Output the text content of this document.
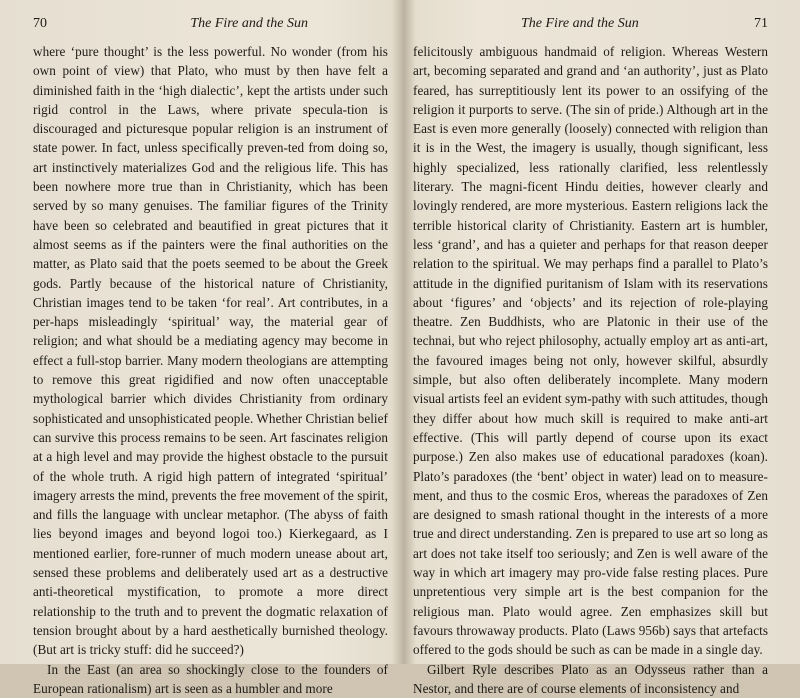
70	The Fire and the Sun

where ‘pure thought’ is the less powerful. No wonder (from his own point of view) that Plato, who must by then have felt a diminished faith in the ‘high dialectic’, kept the artists under such rigid control in the Laws, where private specula-tion is discouraged and picturesque popular religion is an instrument of state power. In fact, unless specifically preven-ted from doing so, art instinctively materializes God and the religious life. This has been nowhere more true than in Christianity, which has been served by so many genuises. The familiar figures of the Trinity have been so celebrated and beautified in great pictures that it almost seems as if the painters were the final authorities on the matter, as Plato said that the poets seemed to be about the Greek gods. Partly because of the historical nature of Christianity, Christian images tend to be taken ‘for real’. Art contributes, in a per-haps misleadingly ‘spiritual’ way, the material gear of religion; and what should be a mediating agency may become in effect a full-stop barrier. Many modern theologians are attempting to remove this great rigidified and now often unacceptable mythological barrier which divides Christianity from ordinary sophisticated and unsophisticated people. Whether Christian belief can survive this process remains to be seen. Art fascinates religion at a high level and may provide the highest obstacle to the pursuit of the whole truth. A rigid high pattern of integrated ‘spiritual’ imagery arrests the mind, prevents the free movement of the spirit, and fills the language with unclear metaphor. (The abyss of faith lies beyond images and beyond logoi too.) Kierkegaard, as I mentioned earlier, fore-runner of much modern unease about art, sensed these problems and deliberately used art as a destructive anti-theoretical mystification, to promote a more direct relationship to the truth and to prevent the dogmatic relaxation of tension brought about by a hard aesthetically burnished theology. (But art is tricky stuff: did he succeed?)

In the East (an area so shockingly close to the founders of European rationalism) art is seen as a humbler and more

The Fire and the Sun	71

felicitously ambiguous handmaid of religion. Whereas Western art, becoming separated and grand and ‘an authority’, just as Plato feared, has surreptitiously lent its power to an ossifying of the religion it purports to serve. (The sin of pride.) Although art in the East is even more generally (loosely) connected with religion than it is in the West, the imagery is usually, though significant, less highly specialized, less rationally clarified, less relentlessly literary. The magni-ficent Hindu deities, however clearly and lovingly rendered, are more mysterious. Eastern religions lack the terrible historical clarity of Christianity. Eastern art is humbler, less ‘grand’, and has a quieter and perhaps for that reason deeper relation to the spiritual. We may perhaps find a parallel to Plato’s attitude in the dignified puritanism of Islam with its reservations about ‘figures’ and ‘objects’ and its rejection of role-playing theatre. Zen Buddhists, who are Platonic in their use of the technai, but who reject philosophy, actually employ art as anti-art, the favoured images being not only, however skilful, absurdly simple, but also often deliberately incomplete. Many modern visual artists feel an evident sym-pathy with such attitudes, though they differ about how much skill is required to make anti-art effective. (This will partly depend of course upon its exact purpose.) Zen also makes use of educational paradoxes (koan). Plato’s paradoxes (the ‘bent’ object in water) lead on to measure-ment, and thus to the cosmic Eros, whereas the paradoxes of Zen are designed to smash rational thought in the interests of a more true and direct understanding. Zen is prepared to use art so long as art does not take itself too seriously; and Zen is well aware of the way in which art imagery may pro-vide false resting places. Pure unpretentious very simple art is the best companion for the religious man. Plato would agree. Zen emphasizes skill but favours throwaway products. Plato (Laws 956b) says that artefacts offered to the gods should be such as can be made in a single day.

Gilbert Ryle describes Plato as an Odysseus rather than a Nestor, and there are of course elements of inconsistency and
